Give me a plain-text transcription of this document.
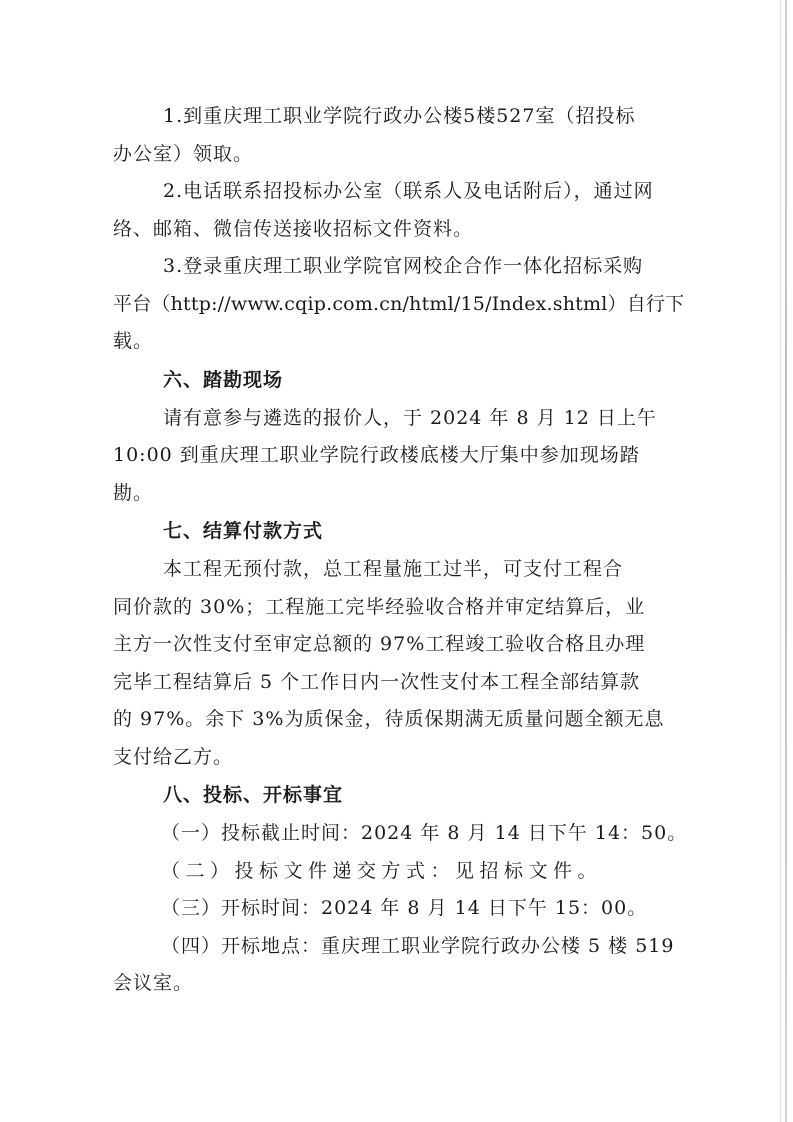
1.到重庆理工职业学院行政办公楼5楼527室（招投标
办公室）领取。
2.电话联系招投标办公室（联系人及电话附后），通过网
络、邮箱、微信传送接收招标文件资料。
3.登录重庆理工职业学院官网校企合作一体化招标采购
平台（http://www.cqip.com.cn/html/15/Index.shtml）自行下
载。
六、踏勘现场
请有意参与遴选的报价人，于 2024 年 8 月 12 日上午
10:00 到重庆理工职业学院行政楼底楼大厅集中参加现场踏
勘。
七、结算付款方式
本工程无预付款，总工程量施工过半，可支付工程合
同价款的 30%；工程施工完毕经验收合格并审定结算后，业
主方一次性支付至审定总额的 97%工程竣工验收合格且办理
完毕工程结算后 5 个工作日内一次性支付本工程全部结算款
的 97%。余下 3%为质保金，待质保期满无质量问题全额无息
支付给乙方。
八、投标、开标事宜
（一）投标截止时间：2024 年 8 月 14 日下午 14：50。
（二）投标文件递交方式：见招标文件。
（三）开标时间：2024 年 8 月 14 日下午 15：00。
（四）开标地点：重庆理工职业学院行政办公楼 5 楼 519
会议室。
